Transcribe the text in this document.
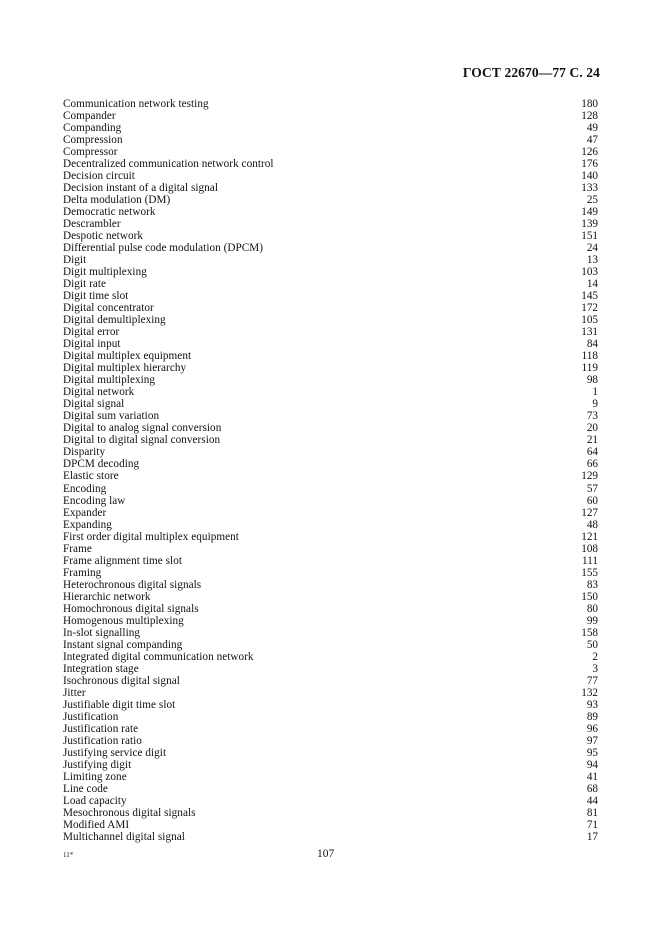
ГОСТ 22670—77 С. 24
Communication network testing	180
Compander	128
Companding	49
Compression	47
Compressor	126
Decentralized communication network control	176
Decision circuit	140
Decision instant of a digital signal	133
Delta modulation (DM)	25
Democratic network	149
Descrambler	139
Despotic network	151
Differential pulse code modulation (DPCM)	24
Digit	13
Digit multiplexing	103
Digit rate	14
Digit time slot	145
Digital concentrator	172
Digital demultiplexing	105
Digital error	131
Digital input	84
Digital multiplex equipment	118
Digital multiplex hierarchy	119
Digital multiplexing	98
Digital network	1
Digital signal	9
Digital sum variation	73
Digital to analog signal conversion	20
Digital to digital signal conversion	21
Disparity	64
DPCM decoding	66
Elastic store	129
Encoding	57
Encoding law	60
Expander	127
Expanding	48
First order digital multiplex equipment	121
Frame	108
Frame alignment time slot	111
Framing	155
Heterochronous digital signals	83
Hierarchic network	150
Homochronous digital signals	80
Homogenous multiplexing	99
In-slot signalling	158
Instant signal companding	50
Integrated digital communication network	2
Integration stage	3
Isochronous digital signal	77
Jitter	132
Justifiable digit time slot	93
Justification	89
Justification rate	96
Justification ratio	97
Justifying service digit	95
Justifying digit	94
Limiting zone	41
Line code	68
Load capacity	44
Mesochronous digital signals	81
Modified AMI	71
Multichannel digital signal	17
11*	107
